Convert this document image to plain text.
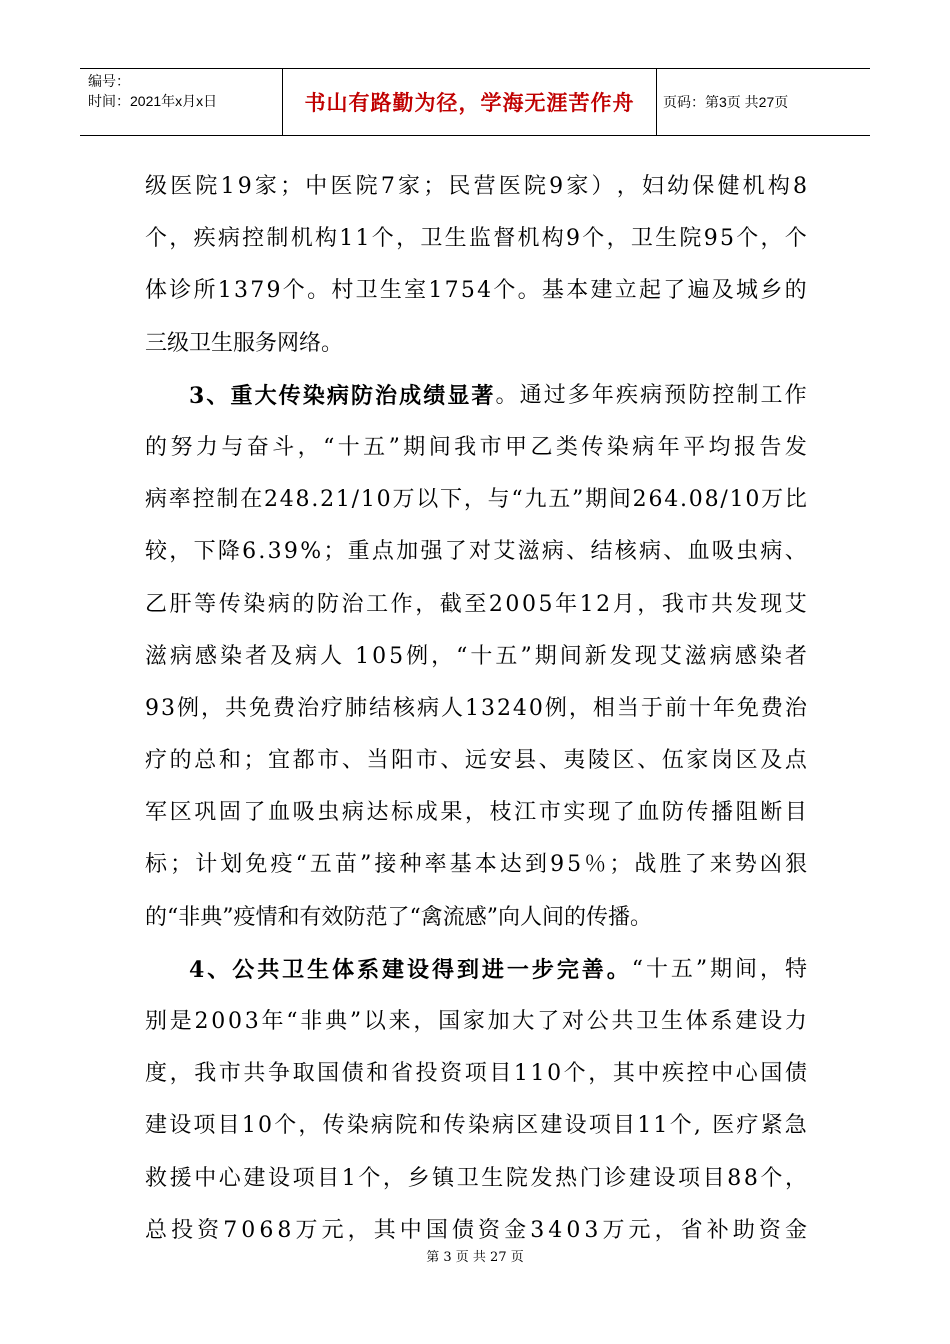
编号：
时间：2021年x月x日	书山有路勤为径，学海无涯苦作舟	页码：第3页 共27页
级 医 院 1 9 家 ； 中 医 院 7 家 ； 民 营 医 院 9 家 ） ， 妇 幼 保 健 机 构 8
个 ， 疾 病 控 制 机 构 1 1 个 ， 卫 生 监 督 机 构 9 个 ， 卫 生 院 9 5 个 ， 个
体 诊 所 1 3 7 9 个 。 村 卫 生 室 1 7 5 4 个 。 基 本 建 立 起 了 遍 及 城 乡 的
三级卫生服务网络。
3 、 重 大 传 染 病 防 治 成 绩 显 著 。 通 过 多 年 疾 病 预 防 控 制 工 作
的 努 力 与 奋 斗 ， “ 十 五 ” 期 间 我 市 甲 乙 类 传 染 病 年 平 均 报 告 发
病 率 控 制 在 2 4 8 . 2 1 / 1 0 万 以 下 ， 与 “ 九 五 ” 期 间 2 6 4 . 0 8 / 1 0 万 比
较 ， 下 降 6 . 3 9 % ； 重 点 加 强 了 对 艾 滋 病 、 结 核 病 、 血 吸 虫 病 、
乙 肝 等 传 染 病 的 防 治 工 作 ， 截 至 2 0 0 5 年 1 2 月 ， 我 市 共 发 现 艾
滋 病 感 染 者 及 病 人
1 0 5 例 ， “ 十 五 ” 期 间 新 发 现 艾 滋 病 感 染 者
9 3 例 ， 共 免 费 治 疗 肺 结 核 病 人 1 3 2 4 0 例 ， 相 当 于 前 十 年 免 费 治
疗 的 总 和 ； 宜 都 市 、 当 阳 市 、 远 安 县 、 夷 陵 区 、 伍 家 岗 区 及 点
军 区 巩 固 了 血 吸 虫 病 达 标 成 果 ， 枝 江 市 实 现 了 血 防 传 播 阻 断 目
标 ； 计 划 免 疫 “ 五 苗 ” 接 种 率 基 本 达 到 9 5 ％ ； 战 胜 了 来 势 凶 狠
的“非典”疫情和有效防范了“禽流感”向人间的传播。
4 、 公 共 卫 生 体 系 建 设 得 到 进 一 步 完 善 。 “ 十 五 ” 期 间 ， 特
别 是 2 0 0 3 年 “ 非 典 ” 以 来 ， 国 家 加 大 了 对 公 共 卫 生 体 系 建 设 力
度 ， 我 市 共 争 取 国 债 和 省 投 资 项 目 1 1 0 个 ， 其 中 疾 控 中 心 国 债
建 设 项 目 1 0 个 ， 传 染 病 院 和 传 染 病 区 建 设 项 目 1 1 个 ,
医 疗 紧 急
救 援 中 心 建 设 项 目 1 个 ， 乡 镇 卫 生 院 发 热 门 诊 建 设 项 目 8 8 个 ，
总 投 资 7 0 6 8 万 元 ， 其 中 国 债 资 金 3 4 0 3 万 元 ， 省 补 助 资 金
第 3 页 共 27 页
